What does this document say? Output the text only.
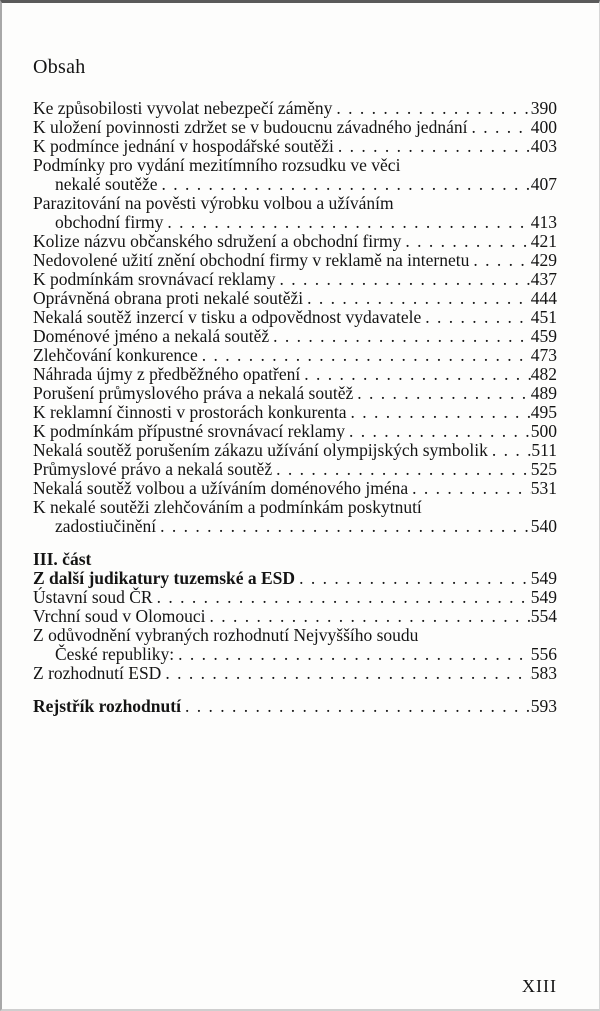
Obsah
Ke způsobilosti vyvolat nebezpečí záměny . . .	390
K uložení povinnosti zdržet se v budoucnu závadného jednání . . .	400
K podmínce jednání v hospodářské soutěži . . .	403
Podmínky pro vydání mezitímního rozsudku ve věci
nekalé soutěže . . .	407
Parazitování na pověsti výrobku volbou a užíváním
obchodní firmy . . .	413
Kolize názvu občanského sdružení a obchodní firmy . . .	421
Nedovolené užití znění obchodní firmy v reklamě na internetu . . .	429
K podmínkám srovnávací reklamy . . .	437
Oprávněná obrana proti nekalé soutěži . . .	444
Nekalá soutěž inzercí v tisku a odpovědnost vydavatele . . .	451
Doménové jméno a nekalá soutěž . . .	459
Zlehčování konkurence . . .	473
Náhrada újmy z předběžného opatření . . .	482
Porušení průmyslového práva a nekalá soutěž . . .	489
K reklamní činnosti v prostorách konkurenta . . .	495
K podmínkám přípustné srovnávací reklamy . . .	500
Nekalá soutěž porušením zákazu užívání olympijských symbolik . . . 511
Průmyslové právo a nekalá soutěž . . .	525
Nekalá soutěž volbou a užíváním doménového jména . . .	531
K nekalé soutěži zlehčováním a podmínkám poskytnutí
zadostiučinění . . .	540
III. část
Z další judikatury tuzemské a ESD . . .	549
Ústavní soud ČR . . .	549
Vrchní soud v Olomouci . . .	554
Z odůvodnění vybraných rozhodnutí Nejvyššího soudu
České republiky: . . .	556
Z rozhodnutí ESD . . .	583
Rejstřík rozhodnutí . . .	593
XIII
